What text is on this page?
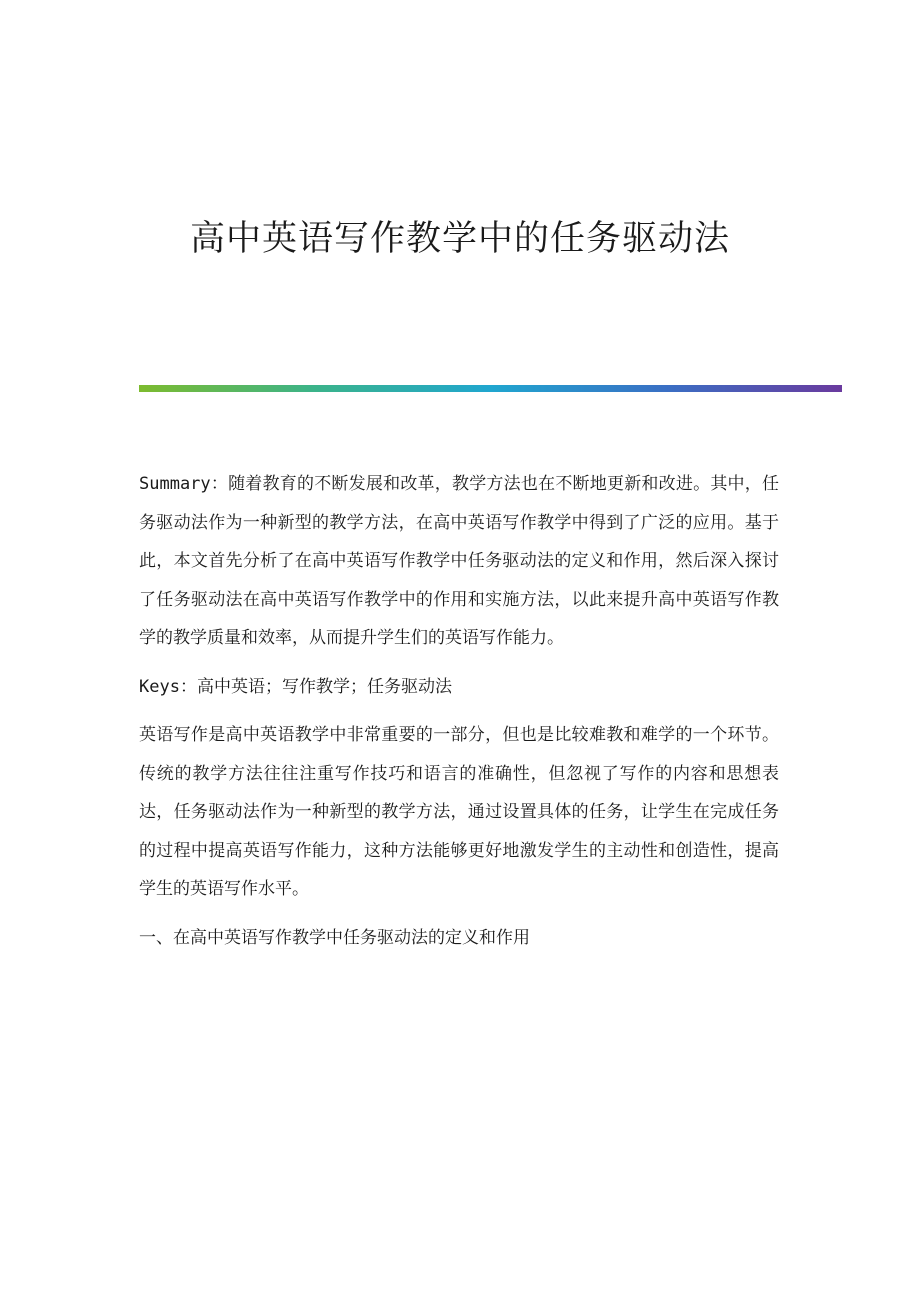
高中英语写作教学中的任务驱动法

Summary：随着教育的不断发展和改革，教学方法也在不断地更新和改进。其中，任务驱动法作为一种新型的教学方法，在高中英语写作教学中得到了广泛的应用。基于此，本文首先分析了在高中英语写作教学中任务驱动法的定义和作用，然后深入探讨了任务驱动法在高中英语写作教学中的作用和实施方法，以此来提升高中英语写作教学的教学质量和效率，从而提升学生们的英语写作能力。

Keys：高中英语；写作教学；任务驱动法

英语写作是高中英语教学中非常重要的一部分，但也是比较难教和难学的一个环节。传统的教学方法往往注重写作技巧和语言的准确性，但忽视了写作的内容和思想表达，任务驱动法作为一种新型的教学方法，通过设置具体的任务，让学生在完成任务的过程中提高英语写作能力，这种方法能够更好地激发学生的主动性和创造性，提高学生的英语写作水平。

一、在高中英语写作教学中任务驱动法的定义和作用
